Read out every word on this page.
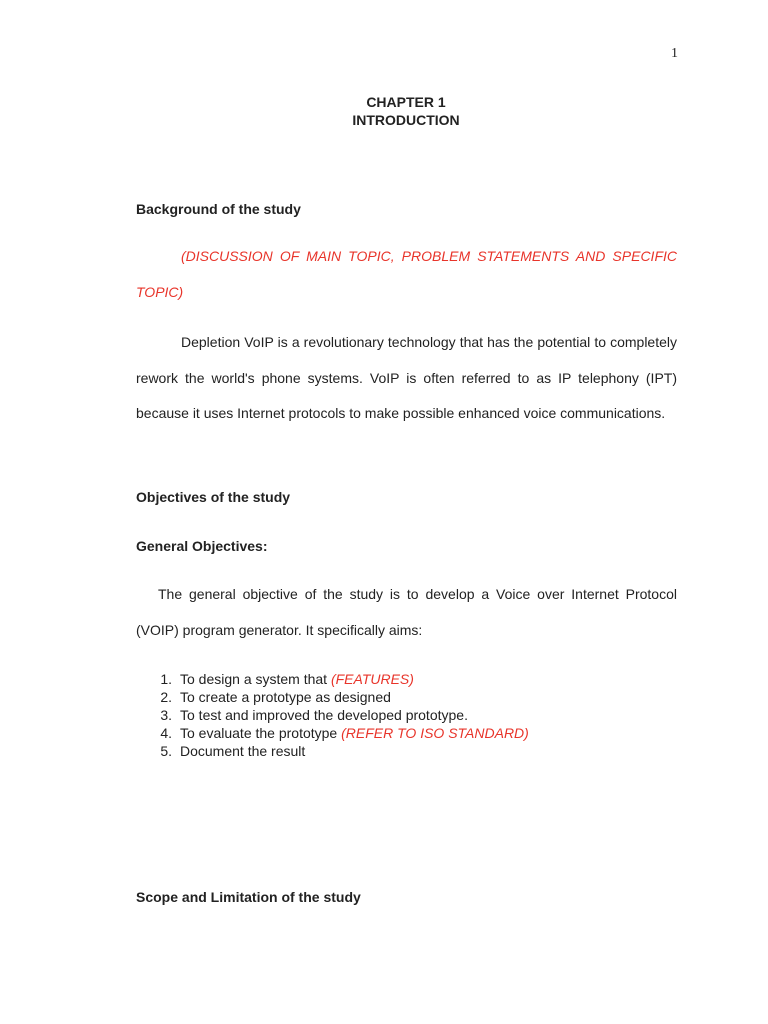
1
CHAPTER 1
INTRODUCTION
Background of the study
(DISCUSSION OF MAIN TOPIC, PROBLEM STATEMENTS AND SPECIFIC TOPIC)
Depletion VoIP is a revolutionary technology that has the potential to completely rework the world's phone systems. VoIP is often referred to as IP telephony (IPT) because it uses Internet protocols to make possible enhanced voice communications.
Objectives of the study
General Objectives:
The general objective of the study is to develop a Voice over Internet Protocol (VOIP) program generator. It specifically aims:
1. To design a system that (FEATURES)
2. To create a prototype as designed
3. To test and improved the developed prototype.
4. To evaluate the prototype (REFER TO ISO STANDARD)
5. Document the result
Scope and Limitation of the study
